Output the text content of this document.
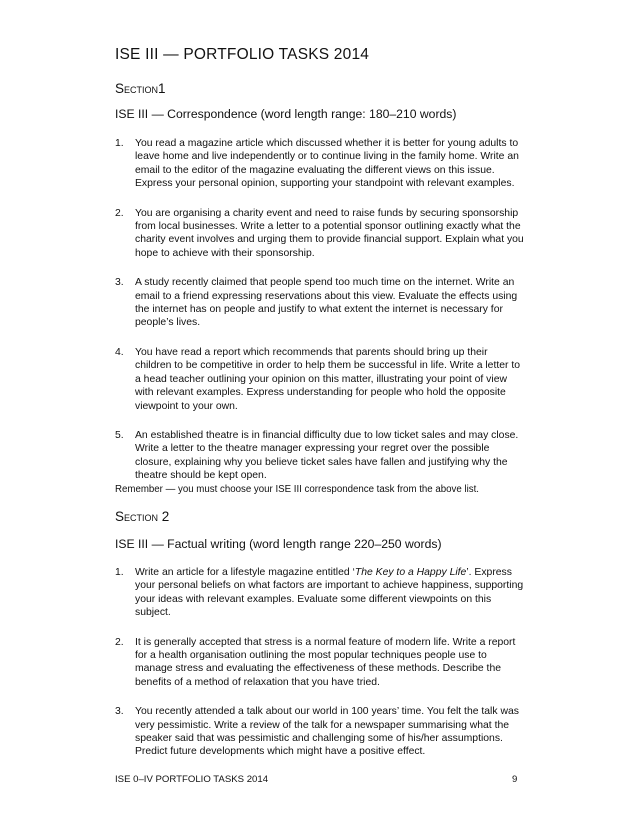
ISE III — PORTFOLIO TASKS 2014
Section1
ISE III — Correspondence (word length range: 180–210 words)
1. You read a magazine article which discussed whether it is better for young adults to leave home and live independently or to continue living in the family home. Write an email to the editor of the magazine evaluating the different views on this issue. Express your personal opinion, supporting your standpoint with relevant examples.
2. You are organising a charity event and need to raise funds by securing sponsorship from local businesses. Write a letter to a potential sponsor outlining exactly what the charity event involves and urging them to provide financial support. Explain what you hope to achieve with their sponsorship.
3. A study recently claimed that people spend too much time on the internet. Write an email to a friend expressing reservations about this view. Evaluate the effects using the internet has on people and justify to what extent the internet is necessary for people’s lives.
4. You have read a report which recommends that parents should bring up their children to be competitive in order to help them be successful in life. Write a letter to a head teacher outlining your opinion on this matter, illustrating your point of view with relevant examples. Express understanding for people who hold the opposite viewpoint to your own.
5. An established theatre is in financial difficulty due to low ticket sales and may close. Write a letter to the theatre manager expressing your regret over the possible closure, explaining why you believe ticket sales have fallen and justifying why the theatre should be kept open.
Remember — you must choose your ISE III correspondence task from the above list.
Section 2
ISE III — Factual writing (word length range 220–250 words)
1. Write an article for a lifestyle magazine entitled ‘The Key to a Happy Life’. Express your personal beliefs on what factors are important to achieve happiness, supporting your ideas with relevant examples. Evaluate some different viewpoints on this subject.
2. It is generally accepted that stress is a normal feature of modern life. Write a report for a health organisation outlining the most popular techniques people use to manage stress and evaluating the effectiveness of these methods. Describe the benefits of a method of relaxation that you have tried.
3. You recently attended a talk about our world in 100 years’ time. You felt the talk was very pessimistic. Write a review of the talk for a newspaper summarising what the speaker said that was pessimistic and challenging some of his/her assumptions. Predict future developments which might have a positive effect.
ISE 0–IV PORTFOLIO TASKS 2014	9
